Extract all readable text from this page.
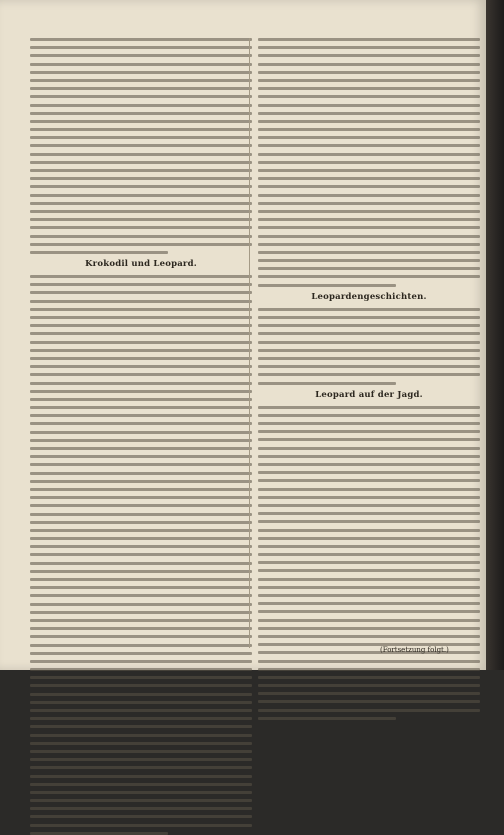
Krokodil und Leopard.
Leopardengeschichten.
Leopard auf der Jagd.
(Fortsetzung folgt.)
